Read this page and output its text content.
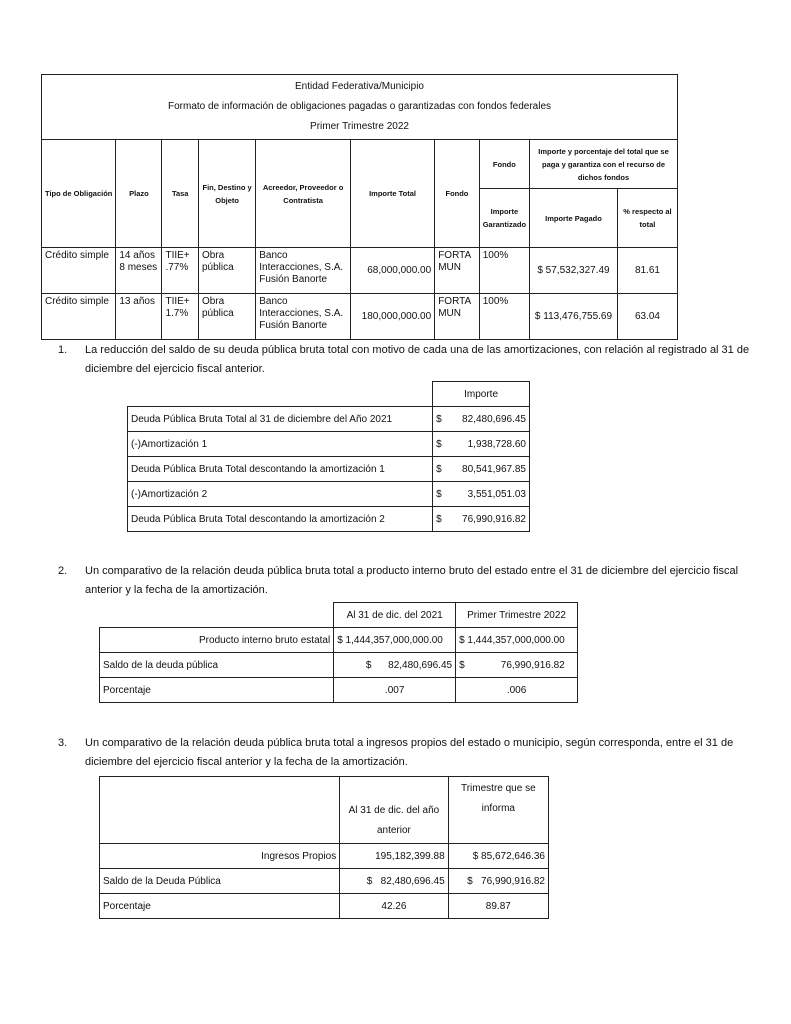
Entidad Federativa/Municipio
Formato de información de obligaciones pagadas o garantizadas con fondos federales
Primer Trimestre 2022									

Tipo de Obligación	Plazo	Tasa	Fin, Destino y Objeto	Acreedor, Proveedor o Contratista	Importe Total	Fondo	Fondo	Importe y porcentaje del total que se paga y garantiza con el recurso de dichos fondos	
							Importe Garantizado	Importe Pagado	% respecto al total
Crédito simple	14 años 8 meses	TIIE+ .77%	Obra pública	Banco Interacciones, S.A. Fusión Banorte	68,000,000.00	FORTA MUN	100%	$ 57,532,327.49	81.61
Crédito simple	13 años	TIIE+ 1.7%	Obra pública	Banco Interacciones, S.A. Fusión Banorte	180,000,000.00	FORTA MUN	100%	$ 113,476,755.69	63.04
1.	La reducción del saldo de su deuda pública bruta total con motivo de cada una de las amortizaciones, con relación al registrado al 31 de diciembre del ejercicio fiscal anterior.
	Importe
Deuda Pública Bruta Total al 31 de diciembre del Año 2021	$ 82,480,696.45

(-)Amortización 1	$ 1,938,728.60

Deuda Pública Bruta Total descontando la amortización 1	$ 80,541,967.85

(-)Amortización 2	$ 3,551,051.03

Deuda Pública Bruta Total descontando la amortización 2	$ 76,990,916.82
2.	Un comparativo de la relación deuda pública bruta total a producto interno bruto del estado entre el 31 de diciembre del ejercicio fiscal anterior y la fecha de la amortización.
	Al 31 de dic. del 2021	Primer Trimestre 2022
Producto interno bruto estatal	$ 1,444,357,000,000.00	$ 1,444,357,000,000.00
Saldo de la deuda pública	$      82,480,696.45	$             76,990,916.82
Porcentaje	.007	.006
3.	Un comparativo de la relación deuda pública bruta total a ingresos propios del estado o municipio, según corresponda, entre el 31 de diciembre del ejercicio fiscal anterior y la fecha de la amortización.
	Al 31 de dic. del año anterior	Trimestre que se informa
Ingresos Propios	195,182,399.88	$ 85,672,646.36
Saldo de la Deuda Pública	$   82,480,696.45	$   76,990,916.82
Porcentaje	42.26	89.87
